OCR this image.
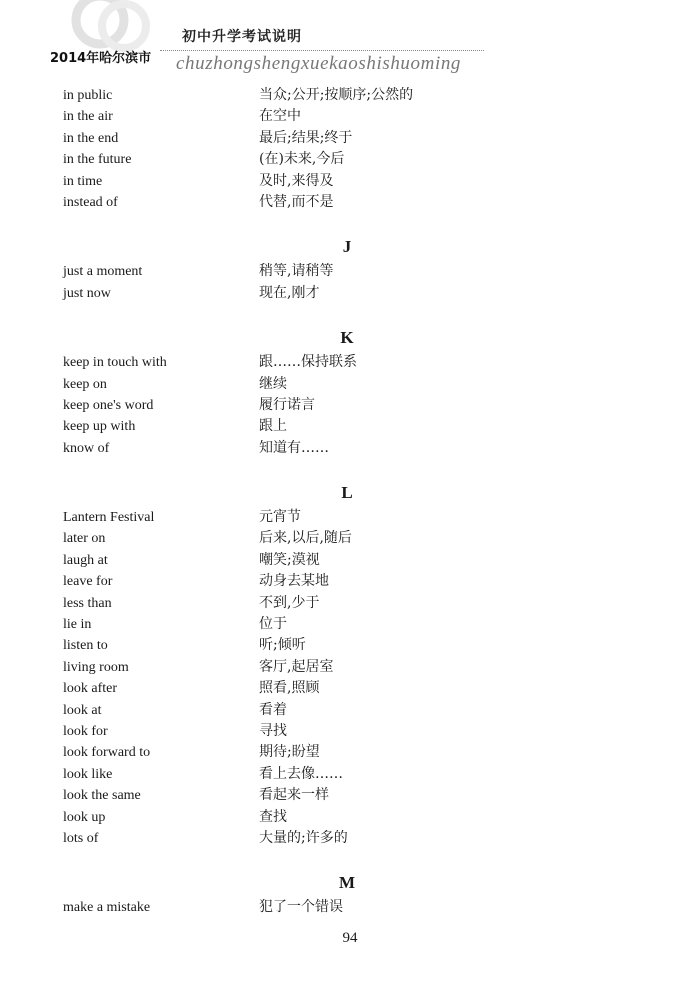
初中升学考试说明
2014年哈尔滨市 chuzhongshengxuekaoshishuoming
in public	当众;公开;按顺序;公然的
in the air	在空中
in the end	最后;结果;终于
in the future	(在)未来,今后
in time	及时,来得及
instead of	代替,而不是
J
just a moment	稍等,请稍等
just now	现在,刚才
K
keep in touch with	跟……保持联系
keep on	继续
keep one's word	履行诺言
keep up with	跟上
know of	知道有……
L
Lantern Festival	元宵节
later on	后来,以后,随后
laugh at	嘲笑;漠视
leave for	动身去某地
less than	不到,少于
lie in	位于
listen to	听;倾听
living room	客厅,起居室
look after	照看,照顾
look at	看着
look for	寻找
look forward to	期待;盼望
look like	看上去像……
look the same	看起来一样
look up	查找
lots of	大量的;许多的
M
make a mistake	犯了一个错误
94
